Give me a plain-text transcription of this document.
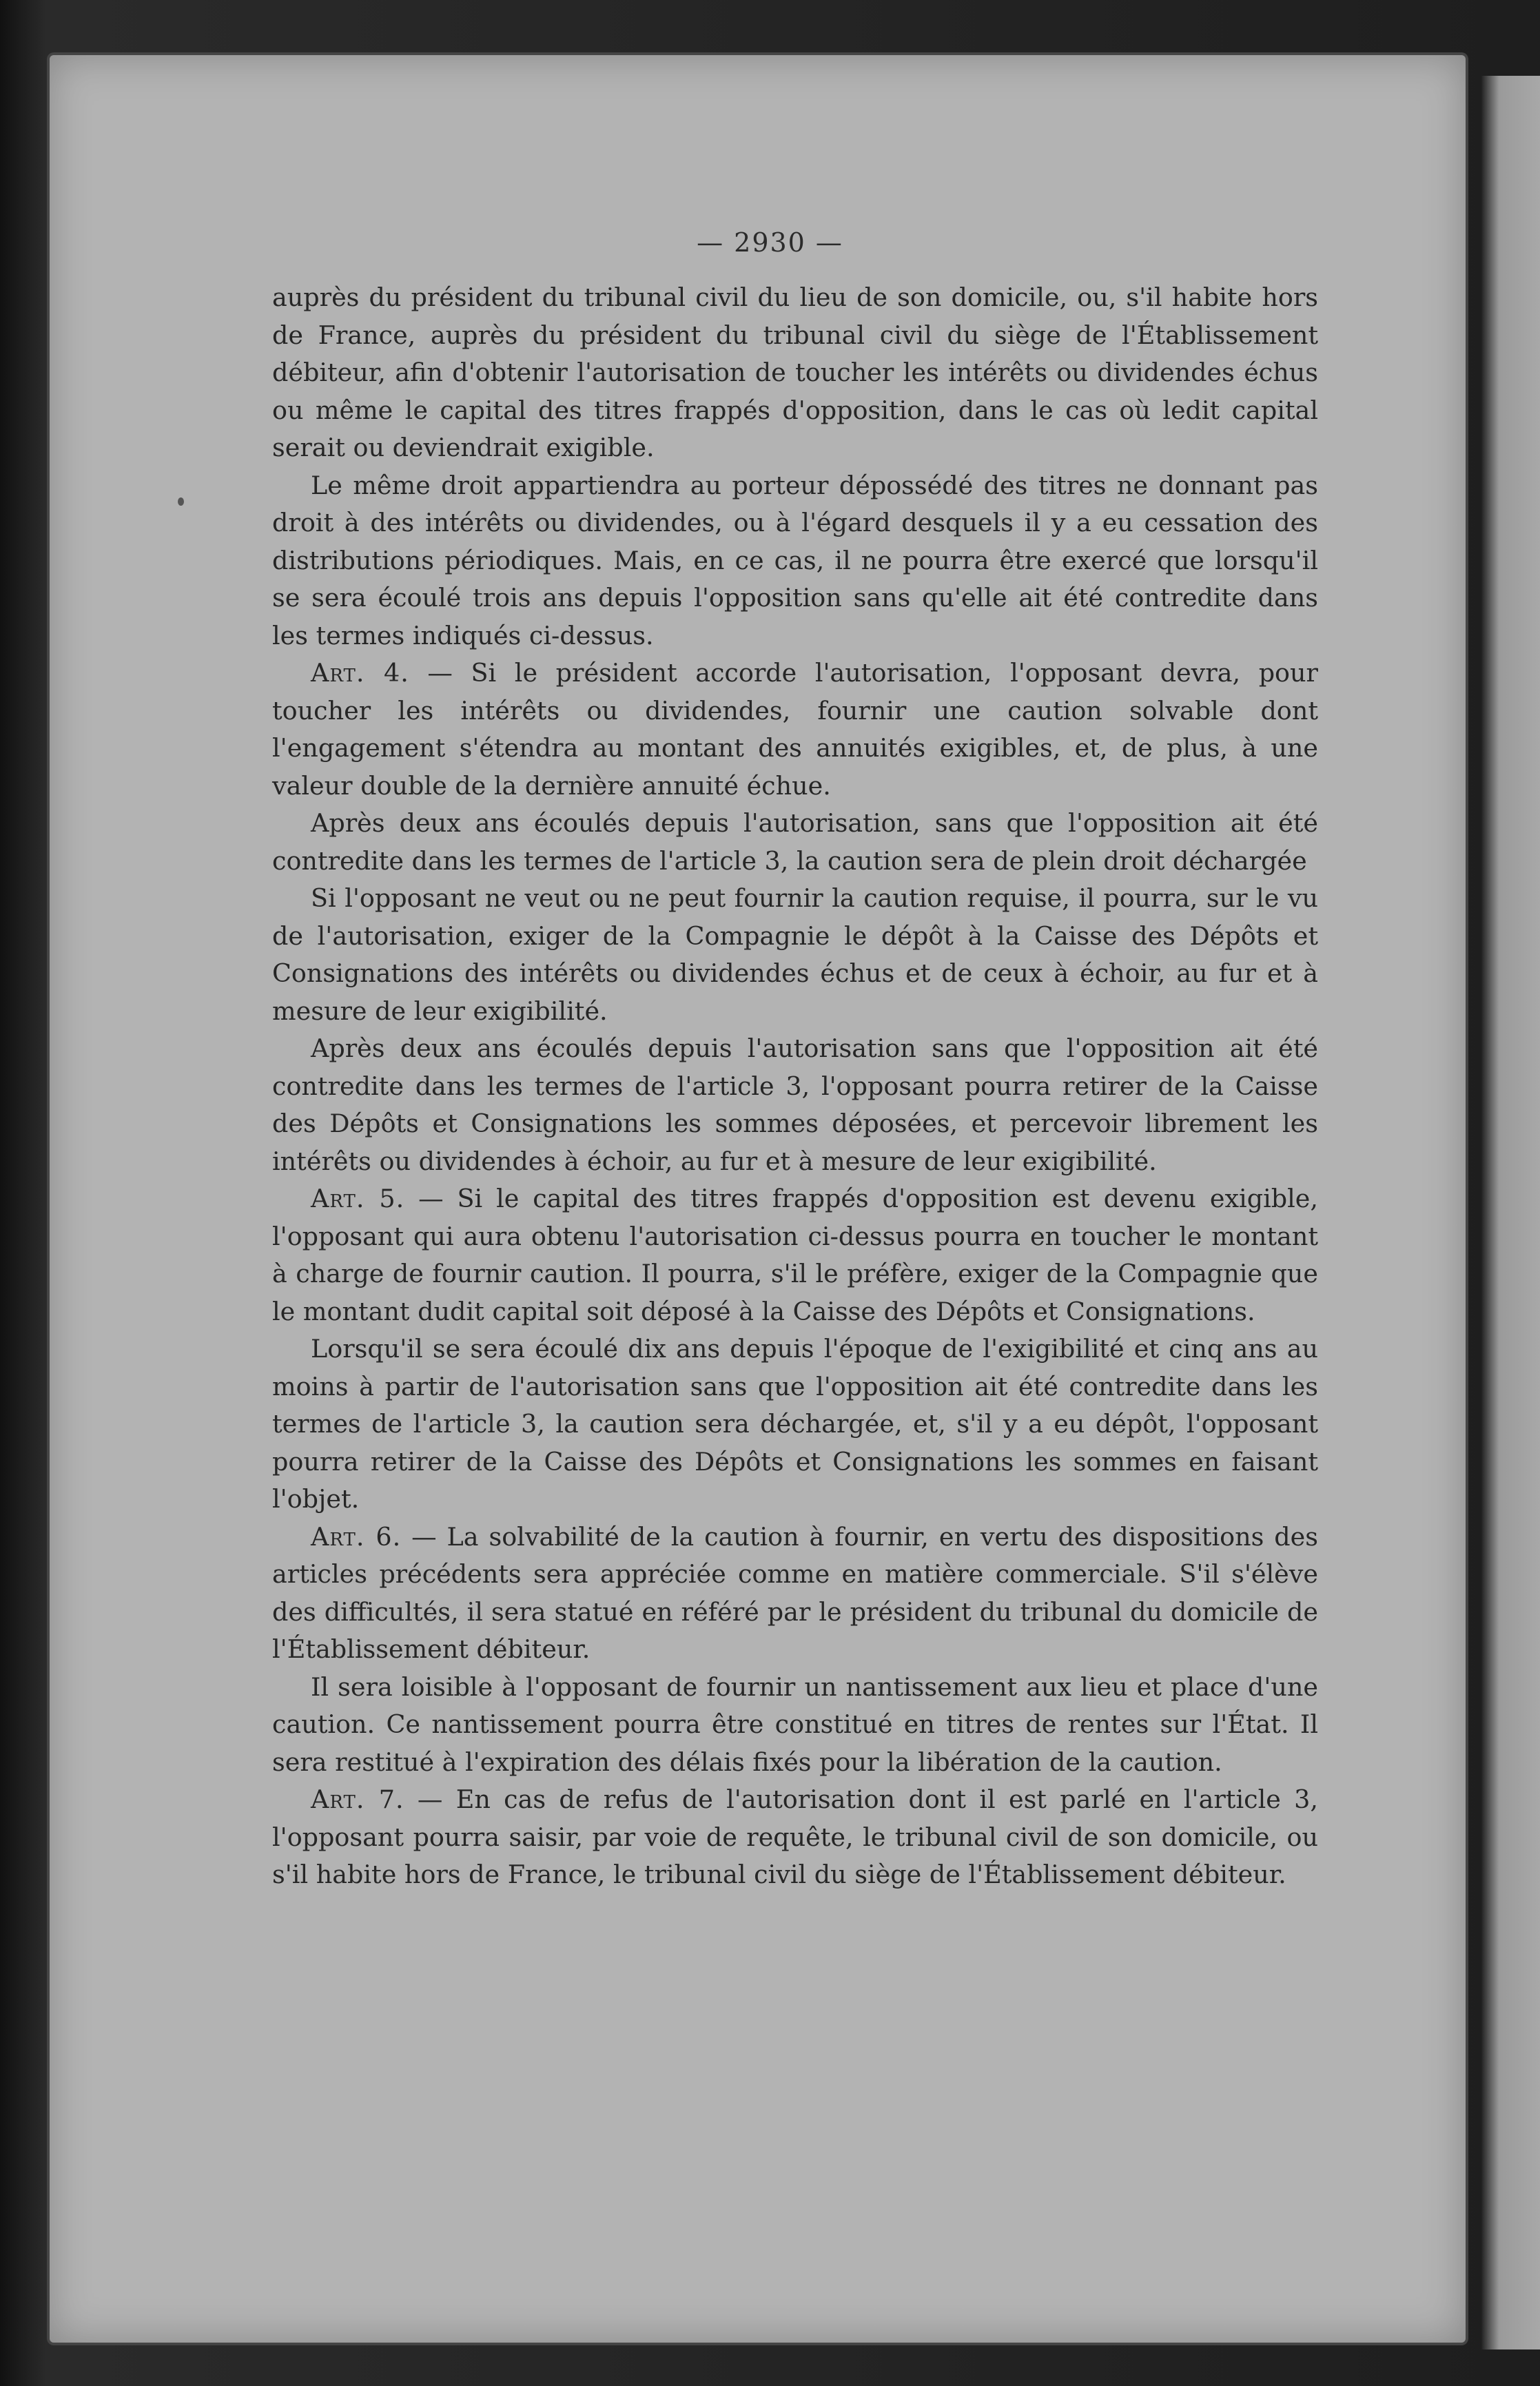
— 2930 —

auprès du président du tribunal civil du lieu de son domicile, ou, s'il habite hors de France, auprès du président du tribunal civil du siège de l'Établissement débiteur, afin d'obtenir l'autorisation de toucher les intérêts ou dividendes échus ou même le capital des titres frappés d'opposition, dans le cas où ledit capital serait ou deviendrait exigible.

Le même droit appartiendra au porteur dépossédé des titres ne donnant pas droit à des intérêts ou dividendes, ou à l'égard desquels il y a eu cessation des distributions périodiques. Mais, en ce cas, il ne pourra être exercé que lorsqu'il se sera écoulé trois ans depuis l'opposition sans qu'elle ait été contredite dans les termes indiqués ci-dessus.

Art. 4. — Si le président accorde l'autorisation, l'opposant devra, pour toucher les intérêts ou dividendes, fournir une caution solvable dont l'engagement s'étendra au montant des annuités exigibles, et, de plus, à une valeur double de la dernière annuité échue.

Après deux ans écoulés depuis l'autorisation, sans que l'opposition ait été contredite dans les termes de l'article 3, la caution sera de plein droit déchargée

Si l'opposant ne veut ou ne peut fournir la caution requise, il pourra, sur le vu de l'autorisation, exiger de la Compagnie le dépôt à la Caisse des Dépôts et Consignations des intérêts ou dividendes échus et de ceux à échoir, au fur et à mesure de leur exigibilité.

Après deux ans écoulés depuis l'autorisation sans que l'opposition ait été contredite dans les termes de l'article 3, l'opposant pourra retirer de la Caisse des Dépôts et Consignations les sommes déposées, et percevoir librement les intérêts ou dividendes à échoir, au fur et à mesure de leur exigibilité.

Art. 5. — Si le capital des titres frappés d'opposition est devenu exigible, l'opposant qui aura obtenu l'autorisation ci-dessus pourra en toucher le montant à charge de fournir caution. Il pourra, s'il le préfère, exiger de la Compagnie que le montant dudit capital soit déposé à la Caisse des Dépôts et Consignations.

Lorsqu'il se sera écoulé dix ans depuis l'époque de l'exigibilité et cinq ans au moins à partir de l'autorisation sans que l'opposition ait été contredite dans les termes de l'article 3, la caution sera déchargée, et, s'il y a eu dépôt, l'opposant pourra retirer de la Caisse des Dépôts et Consignations les sommes en faisant l'objet.

Art. 6. — La solvabilité de la caution à fournir, en vertu des dispositions des articles précédents sera appréciée comme en matière commerciale. S'il s'élève des difficultés, il sera statué en référé par le président du tribunal du domicile de l'Établissement débiteur.

Il sera loisible à l'opposant de fournir un nantissement aux lieu et place d'une caution. Ce nantissement pourra être constitué en titres de rentes sur l'État. Il sera restitué à l'expiration des délais fixés pour la libération de la caution.

Art. 7. — En cas de refus de l'autorisation dont il est parlé en l'article 3, l'opposant pourra saisir, par voie de requête, le tribunal civil de son domicile, ou s'il habite hors de France, le tribunal civil du siège de l'Établissement débiteur.
